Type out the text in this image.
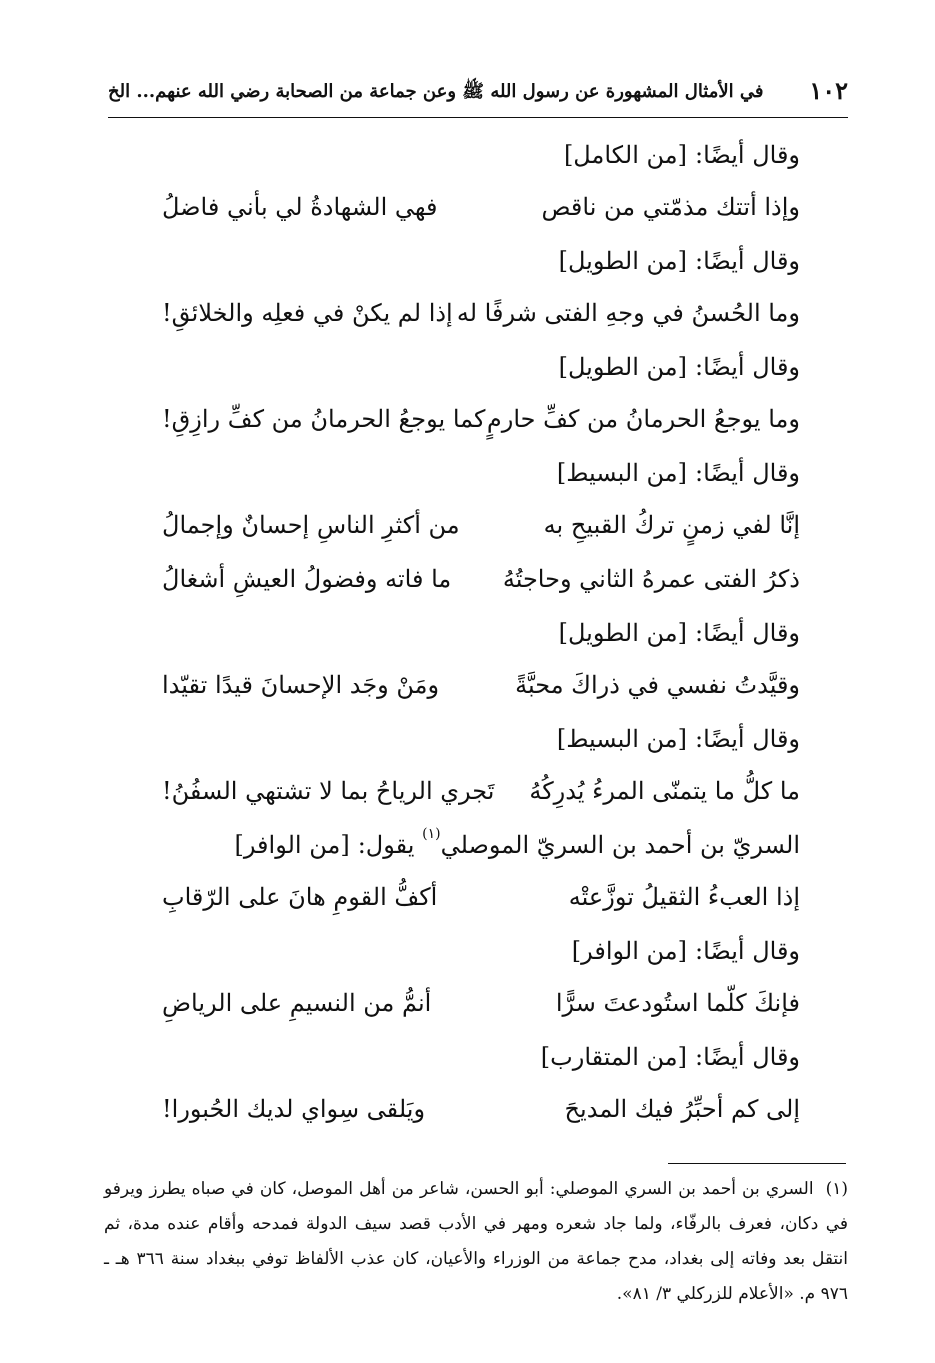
١٠٢
في الأمثال المشهورة عن رسول الله ﷺ وعن جماعة من الصحابة رضي الله عنهم... الخ
وقال أيضًا:[من الكامل]
وإذا أتتك مذمّتي من ناقص
فهي الشهادةُ لي بأني فاضلُ
وقال أيضًا:[من الطويل]
وما الحُسنُ في وجهِ الفتى شرفًا له
إذا لم يكنْ في فعلِه والخلائقِ!
وقال أيضًا:[من الطويل]
وما يوجعُ الحرمانُ من كفِّ حارمٍ
كما يوجعُ الحرمانُ من كفِّ رازِقِ!
وقال أيضًا:[من البسيط]
إنَّا لفي زمنٍ تركُ القبيحِ به
من أكثرِ الناسِ إحسانٌ وإجمالُ
ذكرُ الفتى عمرهُ الثاني وحاجتُهُ
ما فاته وفضولُ العيشِ أشغالُ
وقال أيضًا:[من الطويل]
وقيَّدتُ نفسي في ذراكَ محبَّةً
ومَنْ وجَد الإحسانَ قيدًا تقيّدا
وقال أيضًا:[من البسيط]
ما كلُّ ما يتمنّى المرءُ يُدرِكُهُ
تَجري الرياحُ بما لا تشتهي السفُنُ!
السريّ بن أحمد بن السريّ الموصلي$^{(١)}$ يقول:[من الوافر]
إذا العبءُ الثقيلُ توزَّعتْه
أكفُّ القومِ هانَ على الرّقابِ
وقال أيضًا:[من الوافر]
فإنكَ كلّما استُودعتَ سرًّا
أنمُّ من النسيمِ على الرياضِ
وقال أيضًا:[من المتقارب]
إلى كم أحبِّرُ فيك المديحَ
ويَلقى سِواي لديك الحُبورا!
(١)السري بن أحمد بن السري الموصلي: أبو الحسن، شاعر من أهل الموصل، كان في صباه يطرز ويرفو في دكان، فعرف بالرفّاء، ولما جاد شعره ومهر في الأدب قصد سيف الدولة فمدحه وأقام عنده مدة، ثم انتقل بعد وفاته إلى بغداد، مدح جماعة من الوزراء والأعيان، كان عذب الألفاظ توفي ببغداد سنة ٣٦٦ هـ ـ ٩٧٦ م. «الأعلام للزركلي ٣/ ٨١».
